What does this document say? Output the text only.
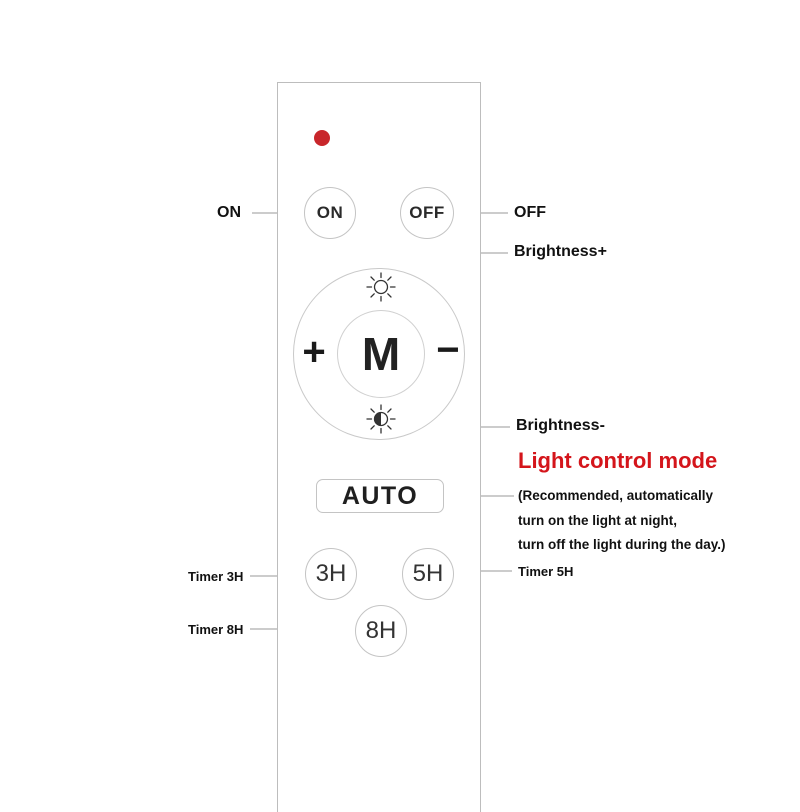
ON	OFF
+	−
M
AUTO
3H	5H
8H
ON	OFF
Brightness+
Brightness-
Light control mode
(Recommended, automatically
turn on the light at night,
turn off the light during the day.)
Timer 3H	Timer 5H
Timer 8H
